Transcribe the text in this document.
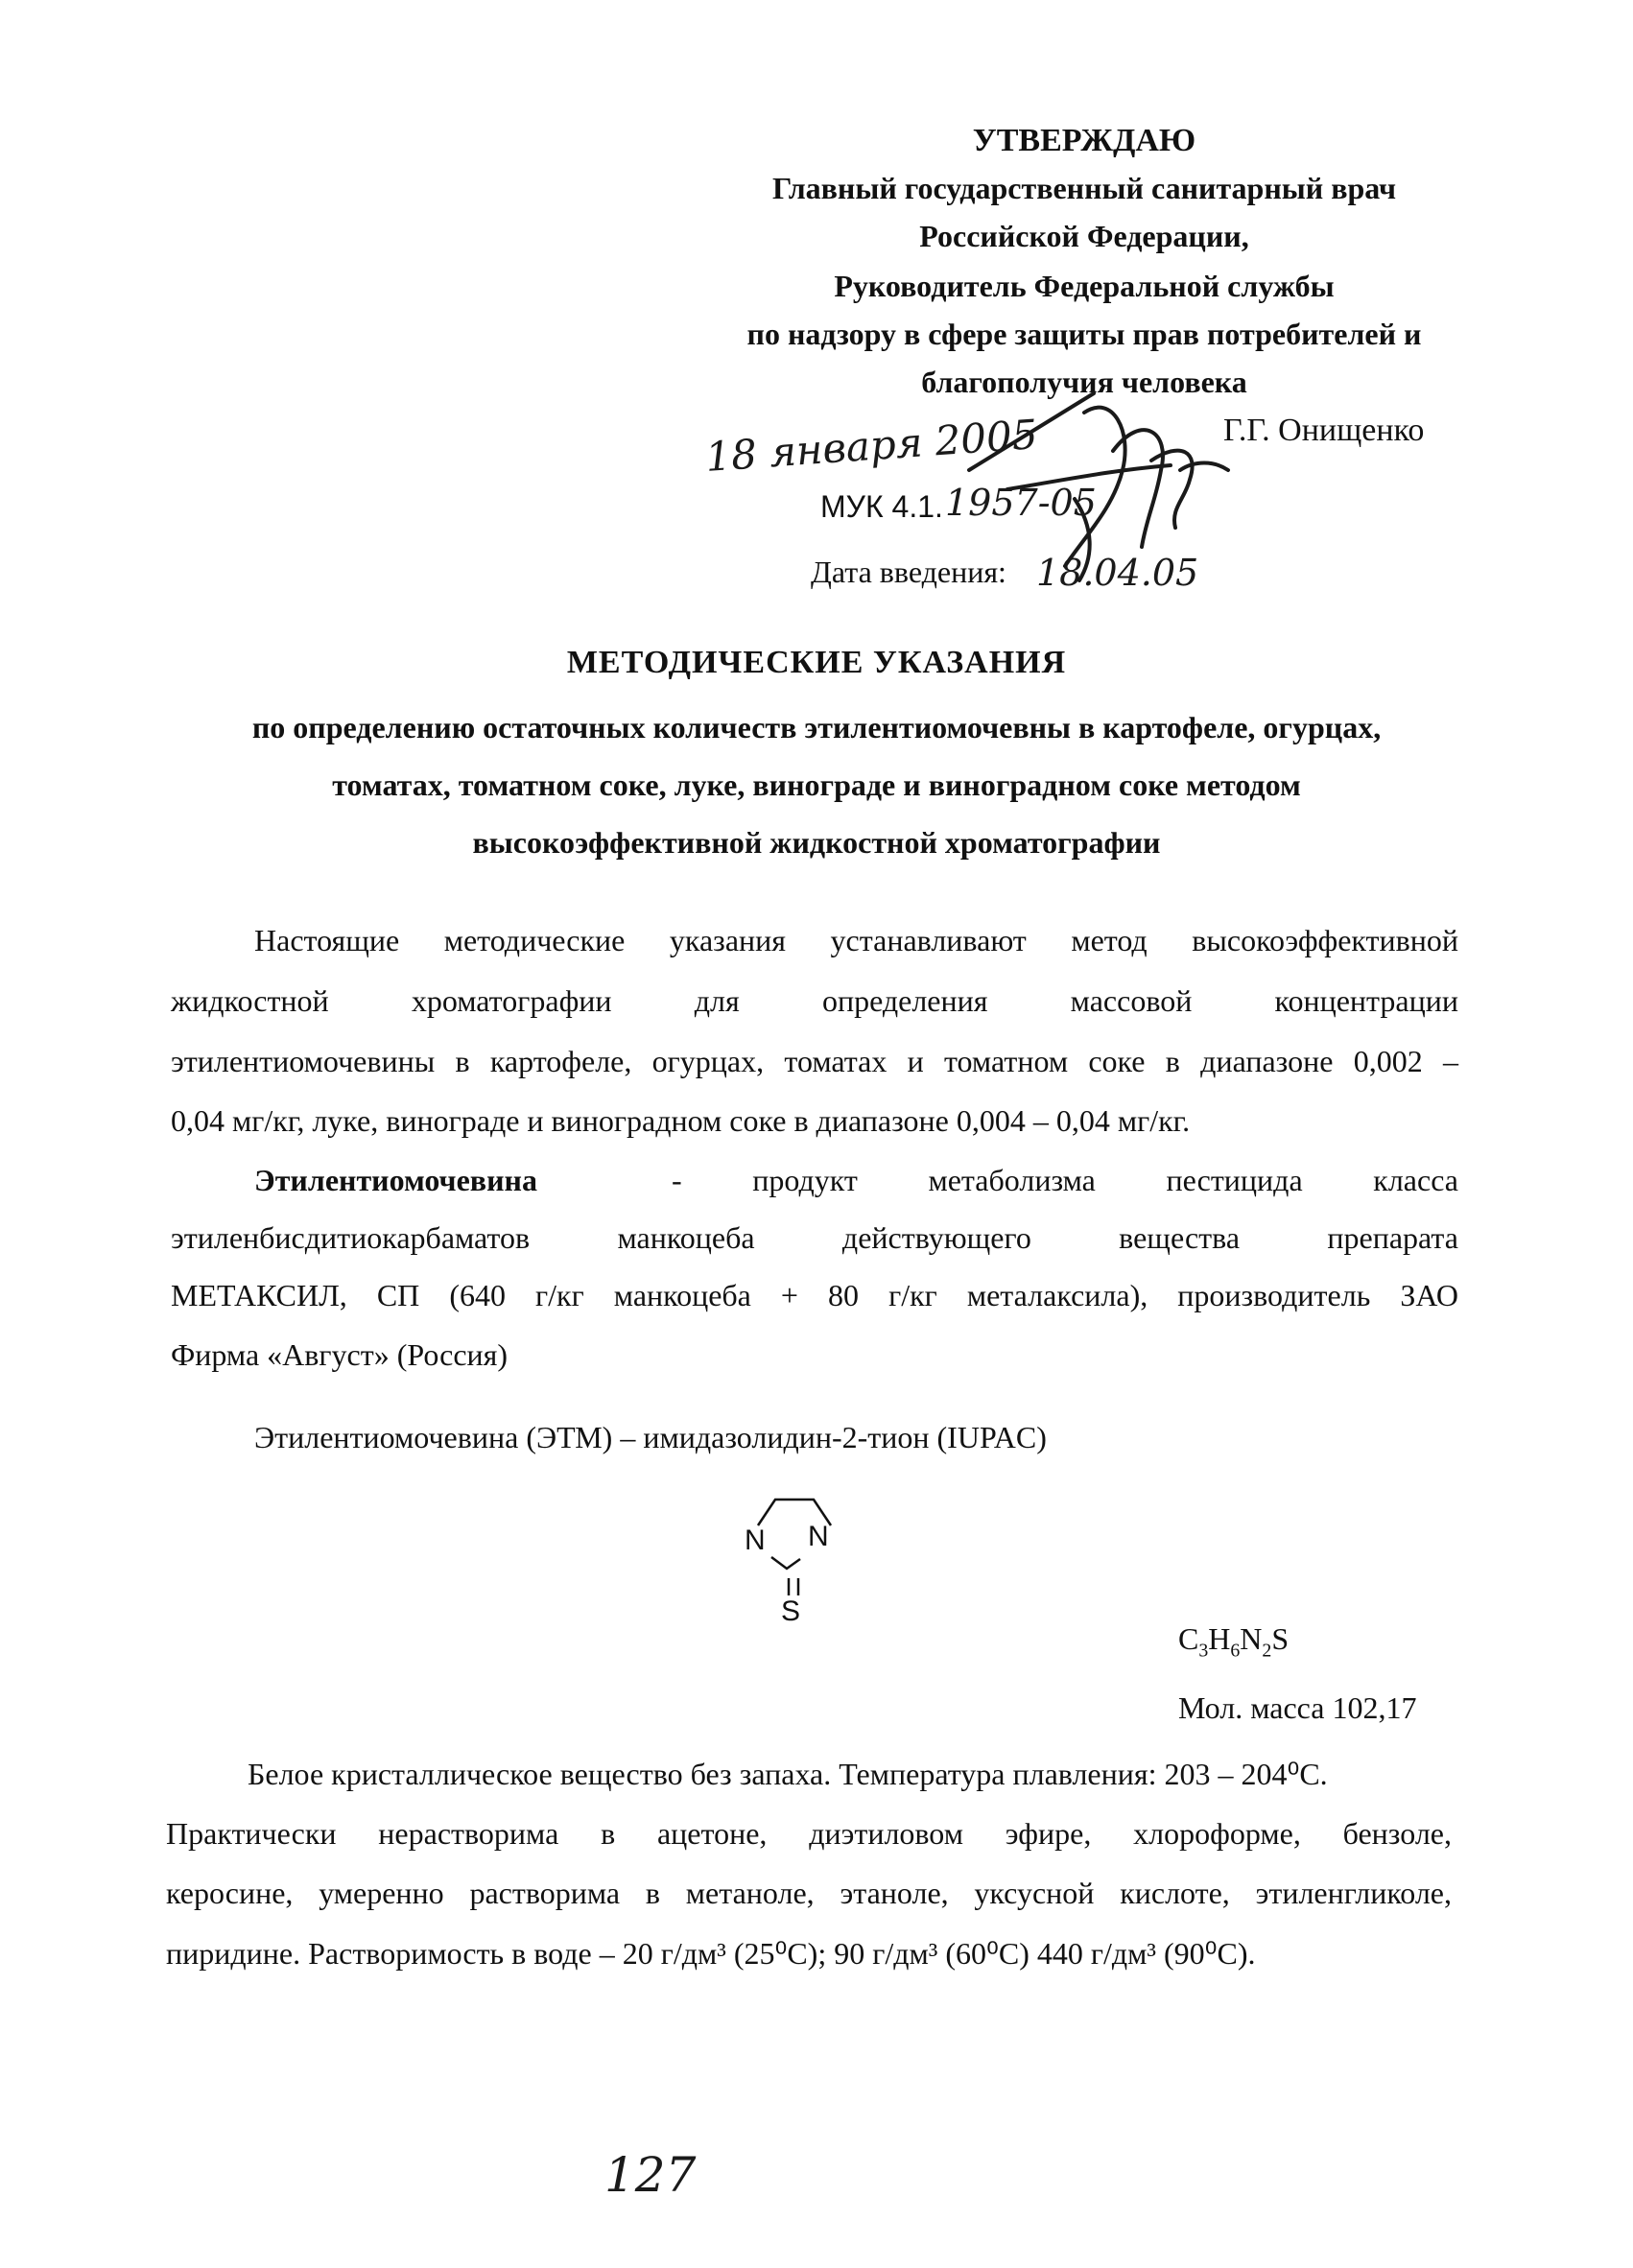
УТВЕРЖДАЮ
Главный государственный санитарный врач
Российской Федерации,
Руководитель Федеральной службы
по надзору в сфере защиты прав потребителей и
благополучия человека
Г.Г. Онищенко
18 января 2005
МУК 4.1. 1957-05
Дата введения: 18.04.05
МЕТОДИЧЕСКИЕ УКАЗАНИЯ
по определению остаточных количеств этилентиомочевны в картофеле, огурцах,
томатах, томатном соке, луке, винограде и виноградном соке методом
высокоэффективной жидкостной хроматографии
Настоящие методические указания устанавливают метод высокоэффективной
жидкостной хроматографии для определения массовой концентрации
этилентиомочевины в картофеле, огурцах, томатах и томатном соке в диапазоне 0,002 –
0,04 мг/кг, луке, винограде и виноградном соке в диапазоне 0,004 – 0,04 мг/кг.
Этилентиомочевина	- продукт метаболизма пестицида класса
этиленбисдитиокарбаматов манкоцеба действующего вещества препарата
МЕТАКСИЛ, СП (640 г/кг манкоцеба + 80 г/кг металаксила), производитель ЗАО
Фирма «Август» (Россия)
Этилентиомочевина (ЭТМ) – имидазолидин-2-тион (IUPAC)
N N
S
$C_3H_6N_2S$
Мол. масса 102,17
Белое кристаллическое вещество без запаха. Температура плавления: 203 – 204⁰С.
Практически нерастворима в ацетоне, диэтиловом эфире, хлороформе, бензоле,
керосине, умеренно растворима в метаноле, этаноле, уксусной кислоте, этиленгликоле,
пиридине. Растворимость в воде – 20 г/дм³ (25⁰С); 90 г/дм³ (60⁰С) 440 г/дм³ (90⁰С).
127
